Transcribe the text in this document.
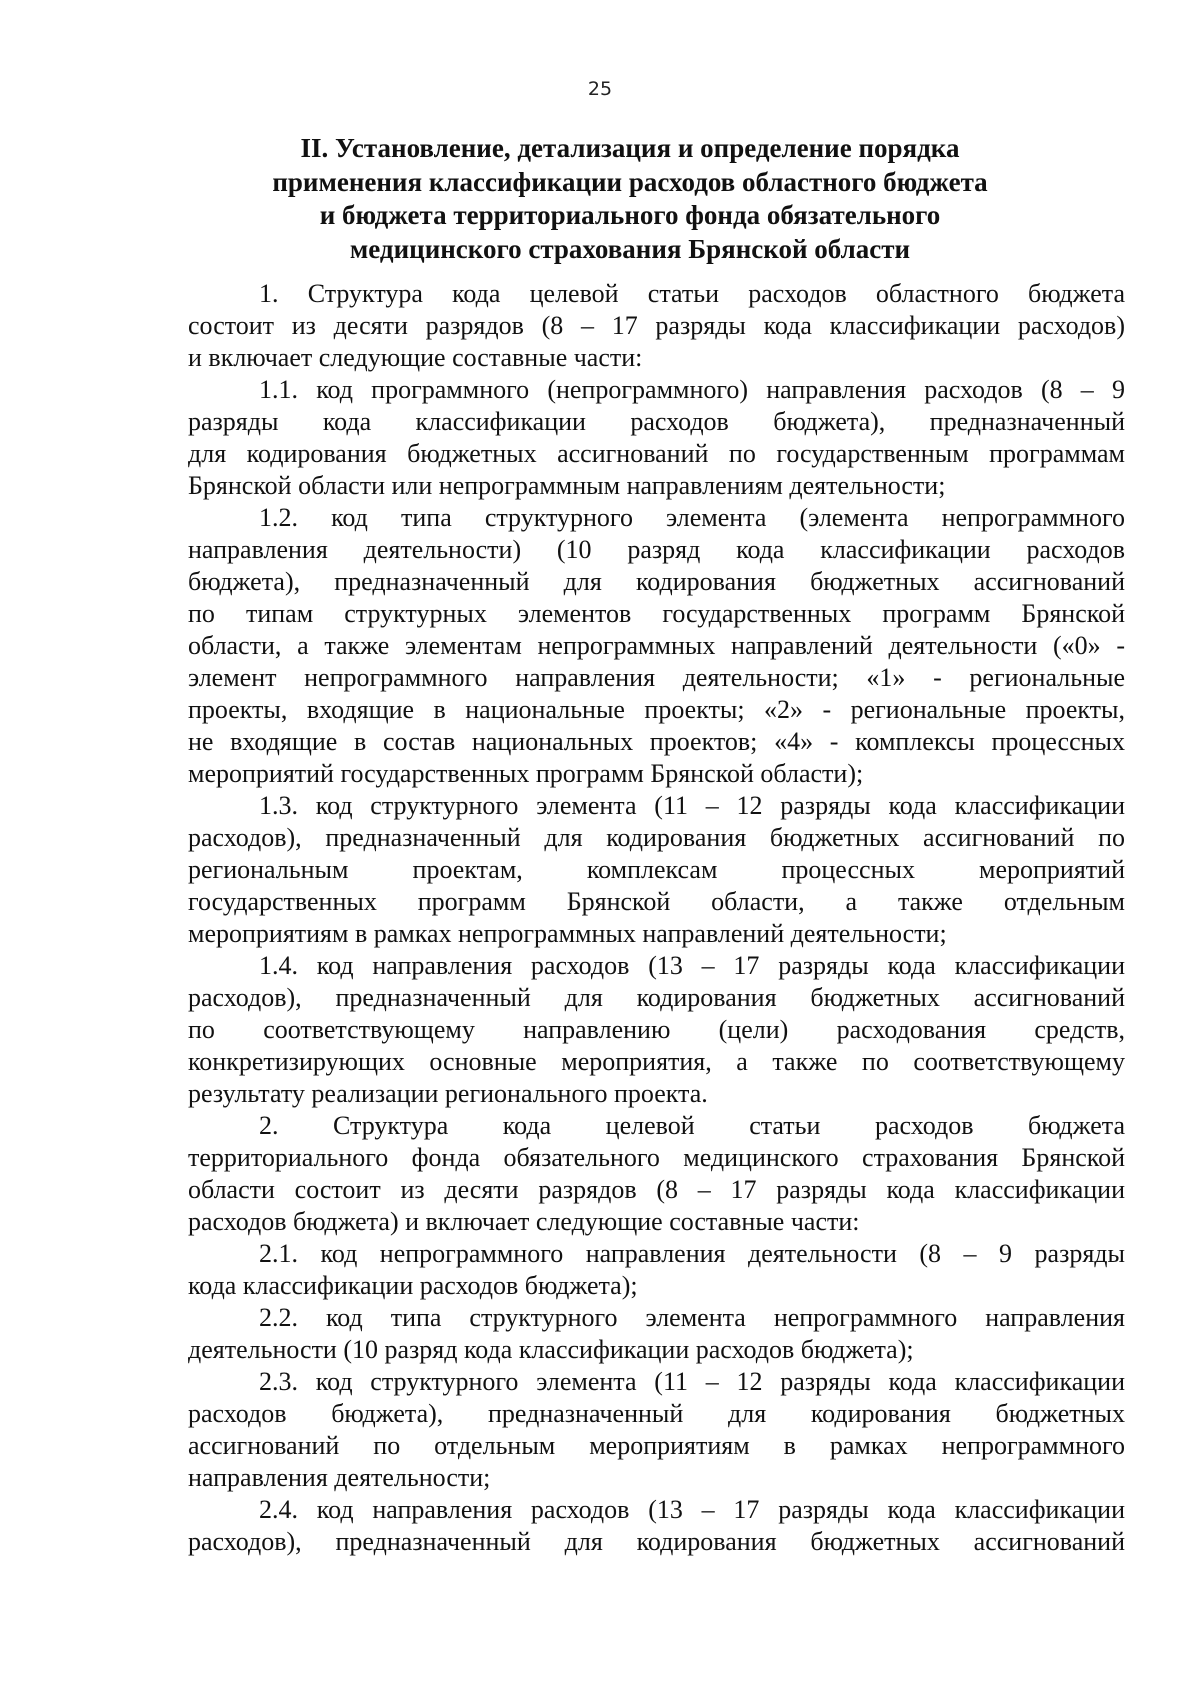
25
II. Установление, детализация и определение порядка
применения классификации расходов областного бюджета
и бюджета территориального фонда обязательного
медицинского страхования Брянской области
1. Структура кода целевой статьи расходов областного бюджета
состоит из десяти разрядов (8 – 17 разряды кода классификации расходов)
и включает следующие составные части:
1.1. код программного (непрограммного) направления расходов (8 – 9
разряды кода классификации расходов бюджета), предназначенный
для кодирования бюджетных ассигнований по государственным программам
Брянской области или непрограммным направлениям деятельности;
1.2. код типа структурного элемента (элемента непрограммного
направления деятельности) (10 разряд кода классификации расходов
бюджета), предназначенный для кодирования бюджетных ассигнований
по типам структурных элементов государственных программ Брянской
области, а также элементам непрограммных направлений деятельности («0» -
элемент непрограммного направления деятельности; «1» - региональные
проекты, входящие в национальные проекты; «2» - региональные проекты,
не входящие в состав национальных проектов; «4» - комплексы процессных
мероприятий государственных программ Брянской области);
1.3. код структурного элемента (11 – 12 разряды кода классификации
расходов), предназначенный для кодирования бюджетных ассигнований по
региональным проектам, комплексам процессных мероприятий
государственных программ Брянской области, а также отдельным
мероприятиям в рамках непрограммных направлений деятельности;
1.4. код направления расходов (13 – 17 разряды кода классификации
расходов), предназначенный для кодирования бюджетных ассигнований
по соответствующему направлению (цели) расходования средств,
конкретизирующих основные мероприятия, а также по соответствующему
результату реализации регионального проекта.
2. Структура кода целевой статьи расходов бюджета
территориального фонда обязательного медицинского страхования Брянской
области состоит из десяти разрядов (8 – 17 разряды кода классификации
расходов бюджета) и включает следующие составные части:
2.1. код непрограммного направления деятельности (8 – 9 разряды
кода классификации расходов бюджета);
2.2. код типа структурного элемента непрограммного направления
деятельности (10 разряд кода классификации расходов бюджета);
2.3. код структурного элемента (11 – 12 разряды кода классификации
расходов бюджета), предназначенный для кодирования бюджетных
ассигнований по отдельным мероприятиям в рамках непрограммного
направления деятельности;
2.4. код направления расходов (13 – 17 разряды кода классификации
расходов), предназначенный для кодирования бюджетных ассигнований
